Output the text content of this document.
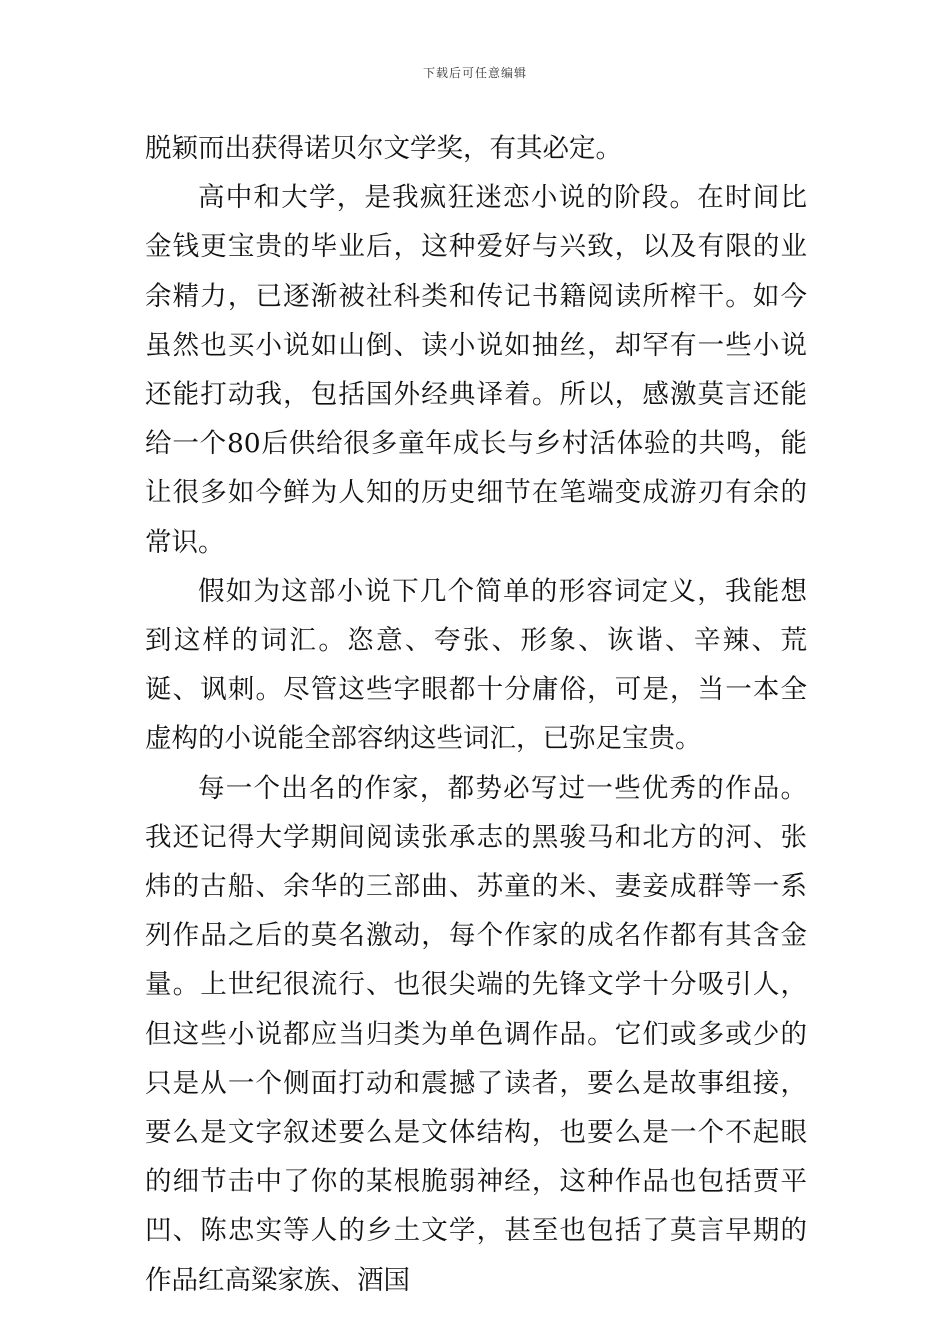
下载后可任意编辑

脱颖而出获得诺贝尔文学奖，有其必定。

高中和大学，是我疯狂迷恋小说的阶段。在时间比金钱更宝贵的毕业后，这种爱好与兴致，以及有限的业余精力，已逐渐被社科类和传记书籍阅读所榨干。如今虽然也买小说如山倒、读小说如抽丝，却罕有一些小说还能打动我，包括国外经典译着。所以，感激莫言还能给一个80后供给很多童年成长与乡村活体验的共鸣，能让很多如今鲜为人知的历史细节在笔端变成游刃有余的常识。

假如为这部小说下几个简单的形容词定义，我能想到这样的词汇。恣意、夸张、形象、诙谐、辛辣、荒诞、讽刺。尽管这些字眼都十分庸俗，可是，当一本全虚构的小说能全部容纳这些词汇，已弥足宝贵。

每一个出名的作家，都势必写过一些优秀的作品。我还记得大学期间阅读张承志的黑骏马和北方的河、张炜的古船、余华的三部曲、苏童的米、妻妾成群等一系列作品之后的莫名激动，每个作家的成名作都有其含金量。上世纪很流行、也很尖端的先锋文学十分吸引人，但这些小说都应当归类为单色调作品。它们或多或少的只是从一个侧面打动和震撼了读者，要么是故事组接，要么是文字叙述要么是文体结构，也要么是一个不起眼的细节击中了你的某根脆弱神经，这种作品也包括贾平凹、陈忠实等人的乡土文学，甚至也包括了莫言早期的作品红高粱家族、酒国
